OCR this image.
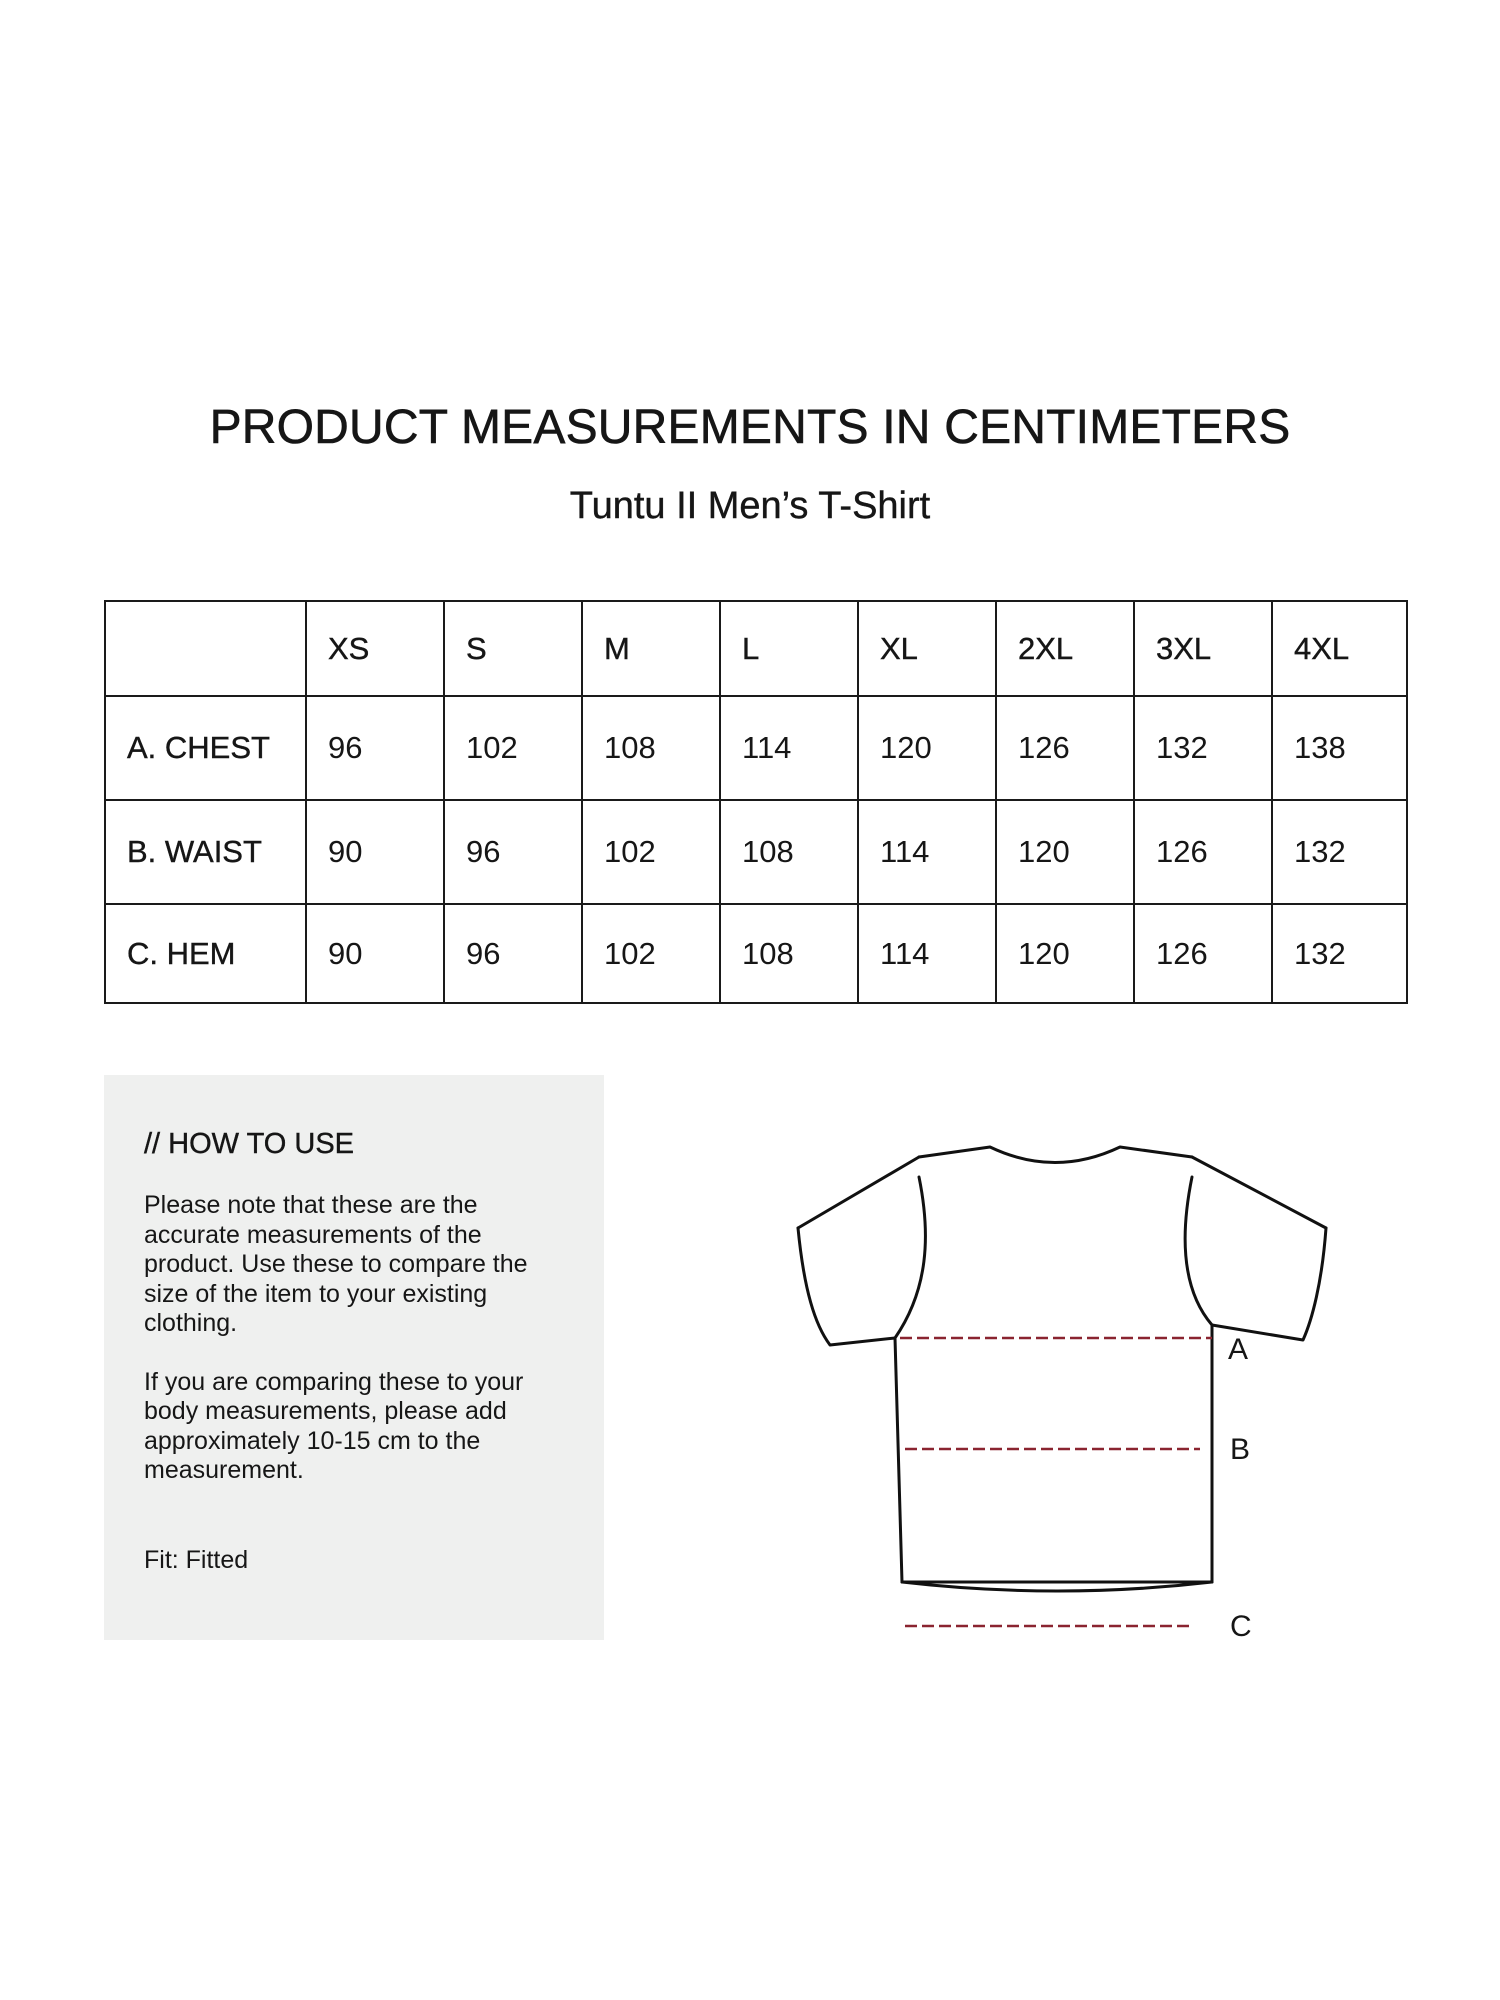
PRODUCT MEASUREMENTS IN CENTIMETERS
Tuntu II Men’s T-Shirt
	XS	S	M	L	XL	2XL	3XL	4XL
A. CHEST	96	102	108	114	120	126	132	138
B. WAIST	90	96	102	108	114	120	126	132
C. HEM	90	96	102	108	114	120	126	132
// HOW TO USE

Please note that these are the accurate measurements of the product. Use these to compare the size of the item to your existing clothing.

If you are comparing these to your body measurements, please add approximately 10-15 cm to the measurement.

Fit: Fitted
A
B
C
